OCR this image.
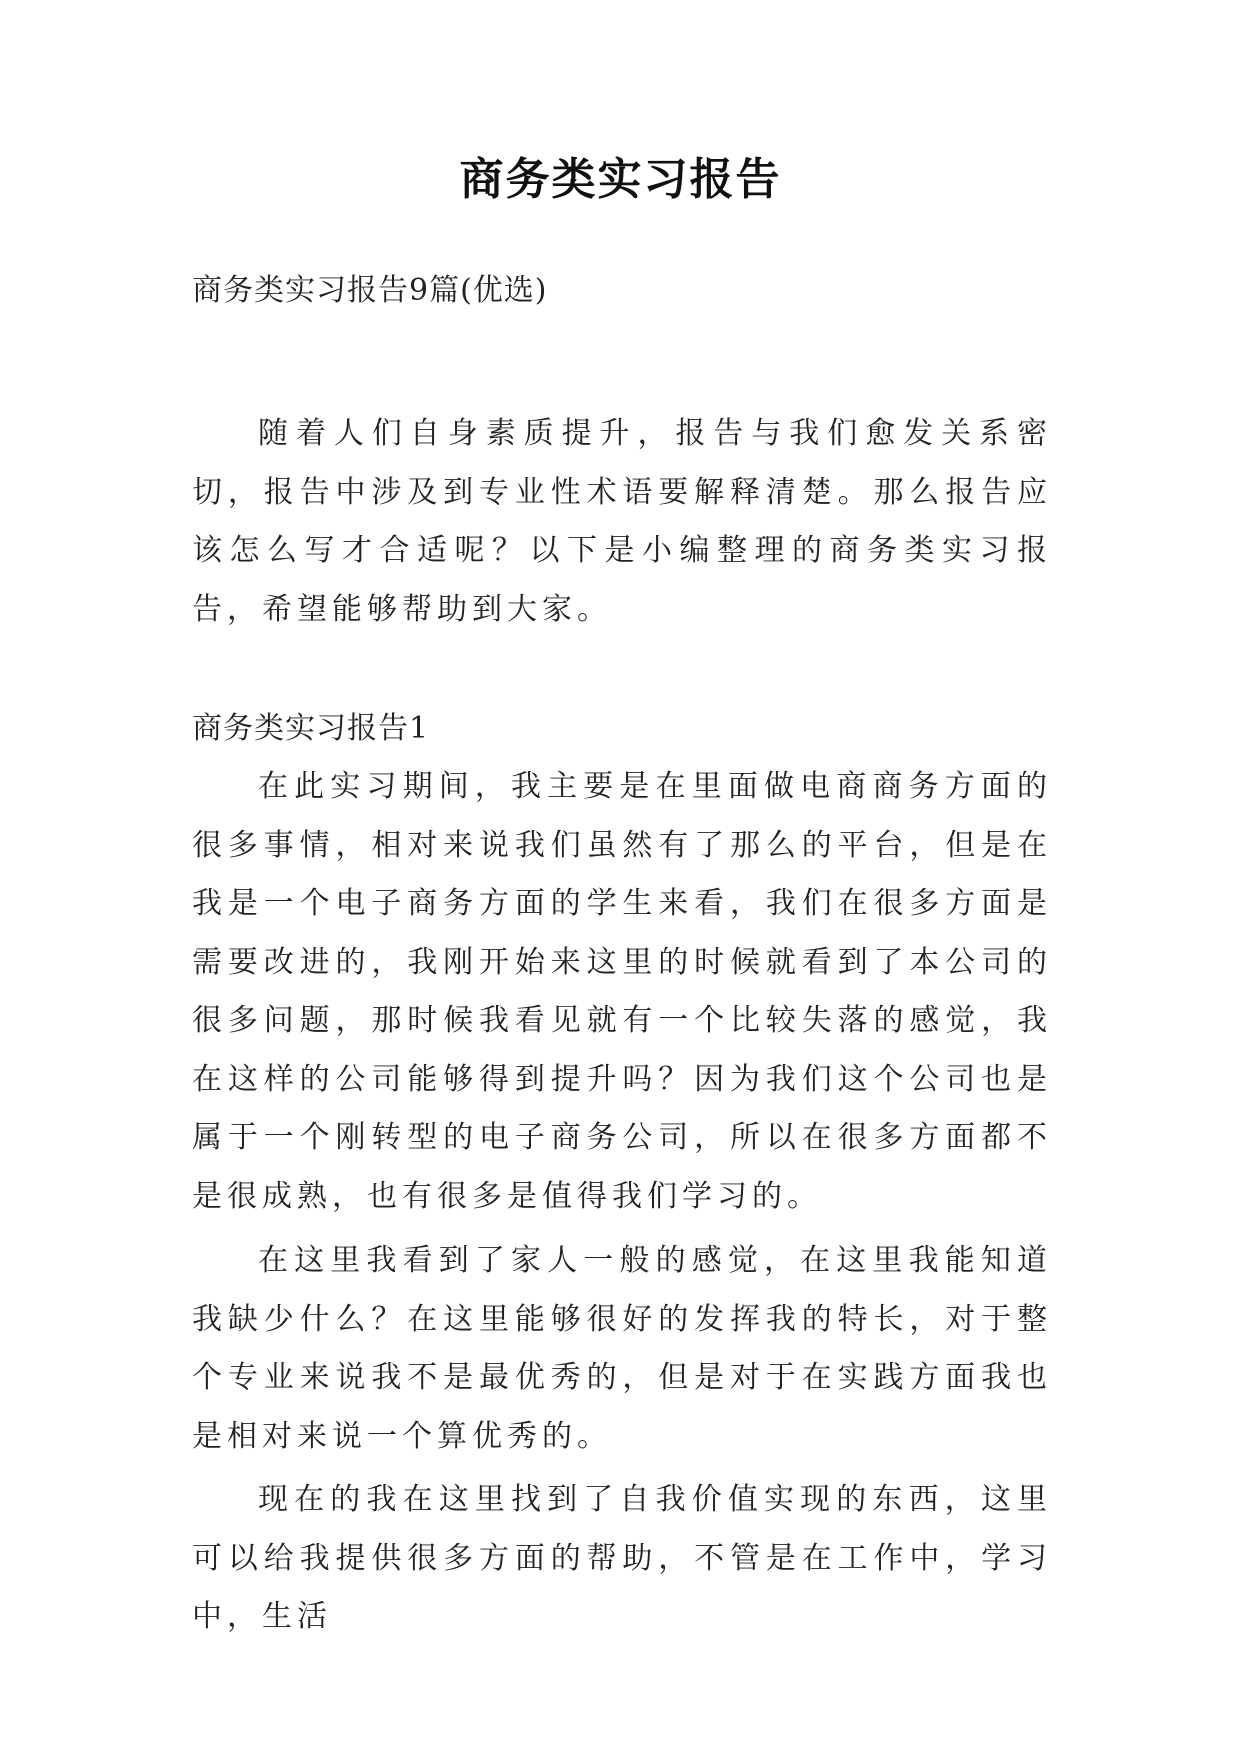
商务类实习报告
商务类实习报告9篇(优选)

随着人们自身素质提升，报告与我们愈发关系密切，报告中涉及到专业性术语要解释清楚。那么报告应该怎么写才合适呢？以下是小编整理的商务类实习报告，希望能够帮助到大家。

商务类实习报告1

在此实习期间，我主要是在里面做电商商务方面的很多事情，相对来说我们虽然有了那么的平台，但是在我是一个电子商务方面的学生来看，我们在很多方面是需要改进的，我刚开始来这里的时候就看到了本公司的很多问题，那时候我看见就有一个比较失落的感觉，我在这样的公司能够得到提升吗？因为我们这个公司也是属于一个刚转型的电子商务公司，所以在很多方面都不是很成熟，也有很多是值得我们学习的。

在这里我看到了家人一般的感觉，在这里我能知道我缺少什么？在这里能够很好的发挥我的特长，对于整个专业来说我不是最优秀的，但是对于在实践方面我也是相对来说一个算优秀的。

现在的我在这里找到了自我价值实现的东西，这里可以给我提供很多方面的帮助，不管是在工作中，学习中，生活
